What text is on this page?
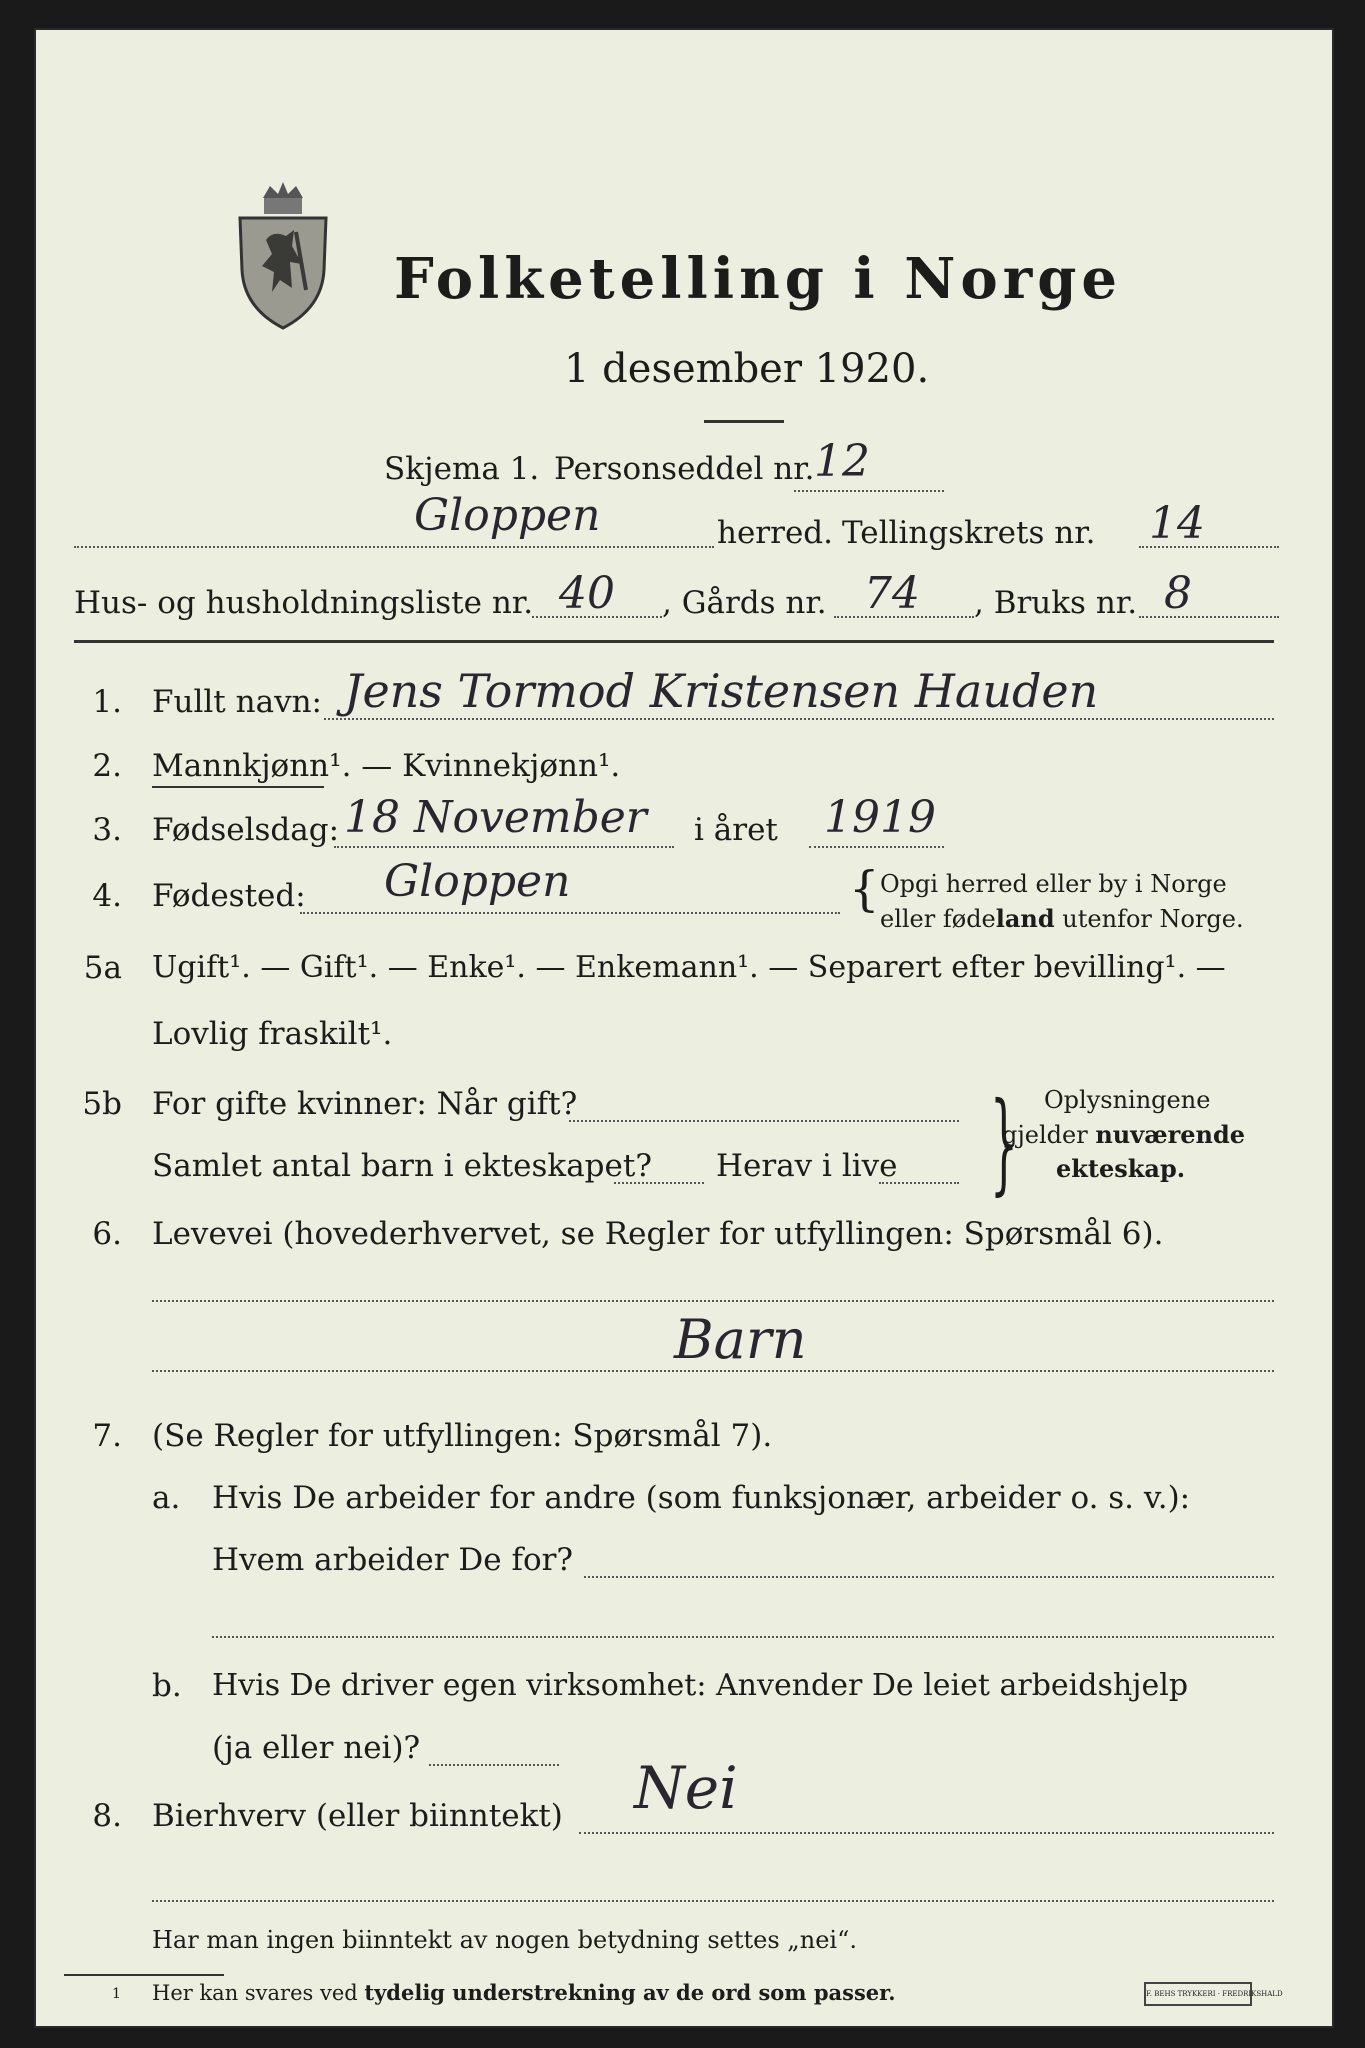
Folketelling i Norge
1 desember 1920.
Skjema 1. Personseddel nr. 12
Gloppen	herred. Tellingskrets nr. 14
Hus- og husholdningsliste nr. 40 , Gårds nr. 74 , Bruks nr. 8
1. Fullt navn: Jens Tormod Kristensen Hauden
2. Mannkjønn¹. — Kvinnekjønn¹.
3. Fødselsdag: 18 November i året 1919
4. Fødested: Gloppen	{ Opgi herred eller by i Norge
eller fødeland utenfor Norge.
5a Ugift¹. — Gift¹. — Enke¹. — Enkemann¹. — Separert efter bevilling¹. —
Lovlig fraskilt¹.
5b For gifte kvinner: Når gift?
Samlet antal barn i ekteskapet? Herav i live } Oplysningene
gjelder nuværende
ekteskap.
6. Levevei (hovederhvervet, se Regler for utfyllingen: Spørsmål 6).
Barn
7. (Se Regler for utfyllingen: Spørsmål 7).
a. Hvis De arbeider for andre (som funksjonær, arbeider o. s. v.):
Hvem arbeider De for?
b. Hvis De driver egen virksomhet: Anvender De leiet arbeidshjelp
(ja eller nei)?
8. Bierhverv (eller biinntekt) Nei
Har man ingen biinntekt av nogen betydning settes „nei“.
1 Her kan svares ved tydelig understrekning av de ord som passer.	F. BEHS TRYKKERI · FREDRIKSHALD
